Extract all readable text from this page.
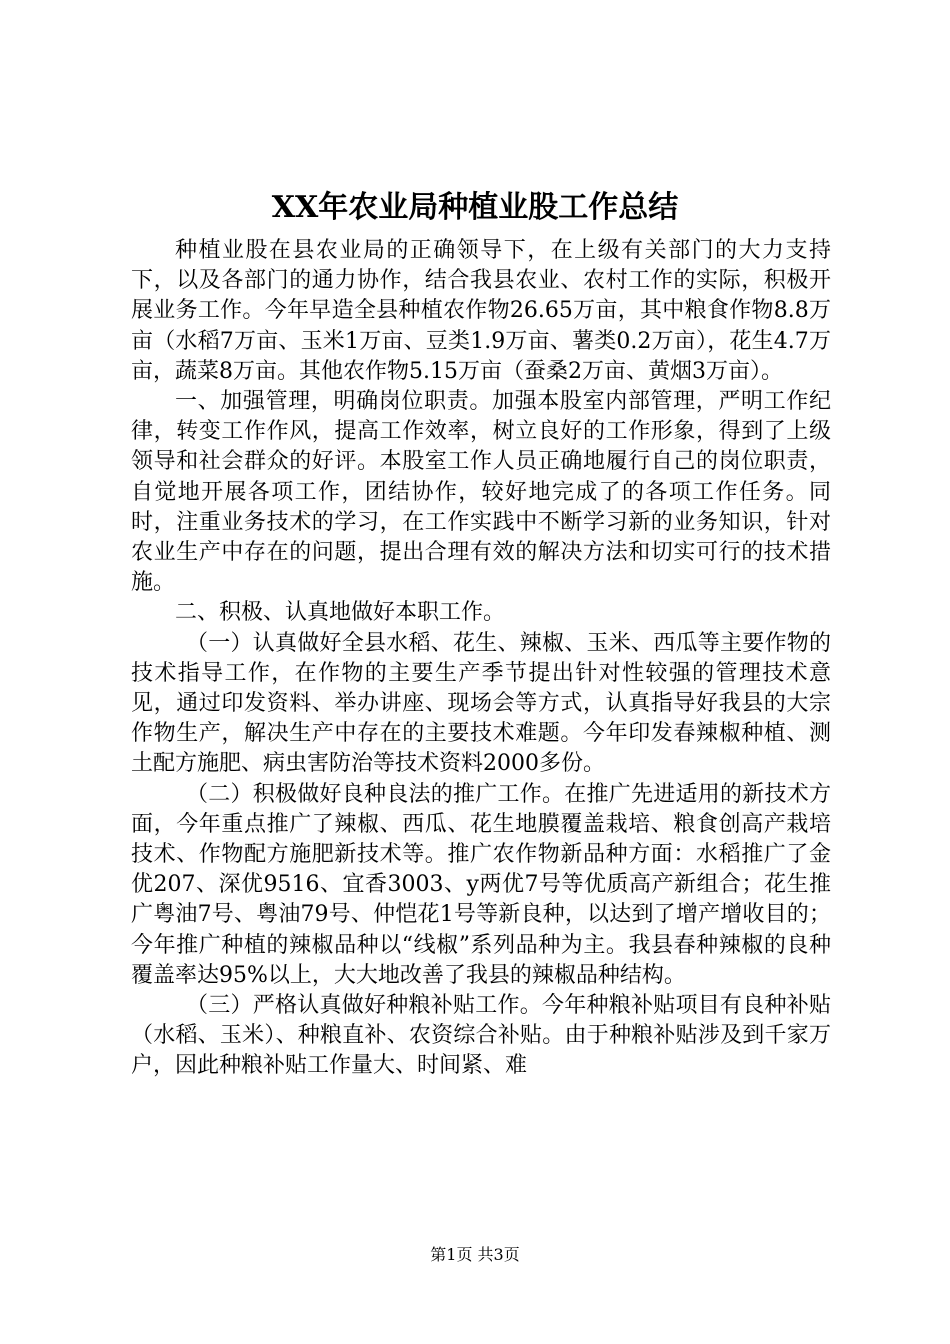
XX年农业局种植业股工作总结

种植业股在县农业局的正确领导下，在上级有关部门的大力支持下，以及各部门的通力协作，结合我县农业、农村工作的实际，积极开展业务工作。今年早造全县种植农作物26.65万亩，其中粮食作物8.8万亩（水稻7万亩、玉米1万亩、豆类1.9万亩、薯类0.2万亩），花生4.7万亩，蔬菜8万亩。其他农作物5.15万亩（蚕桑2万亩、黄烟3万亩）。

一、加强管理，明确岗位职责。加强本股室内部管理，严明工作纪律，转变工作作风，提高工作效率，树立良好的工作形象，得到了上级领导和社会群众的好评。本股室工作人员正确地履行自己的岗位职责，自觉地开展各项工作，团结协作，较好地完成了的各项工作任务。同时，注重业务技术的学习，在工作实践中不断学习新的业务知识，针对农业生产中存在的问题，提出合理有效的解决方法和切实可行的技术措施。

二、积极、认真地做好本职工作。

（一）认真做好全县水稻、花生、辣椒、玉米、西瓜等主要作物的技术指导工作，在作物的主要生产季节提出针对性较强的管理技术意见，通过印发资料、举办讲座、现场会等方式，认真指导好我县的大宗作物生产，解决生产中存在的主要技术难题。今年印发春辣椒种植、测土配方施肥、病虫害防治等技术资料2000多份。

（二）积极做好良种良法的推广工作。在推广先进适用的新技术方面，今年重点推广了辣椒、西瓜、花生地膜覆盖栽培、粮食创高产栽培技术、作物配方施肥新技术等。推广农作物新品种方面：水稻推广了金优207、深优9516、宜香3003、y两优7号等优质高产新组合；花生推广粤油7号、粤油79号、仲恺花1号等新良种，以达到了增产增收目的；今年推广种植的辣椒品种以“线椒”系列品种为主。我县春种辣椒的良种覆盖率达95%以上，大大地改善了我县的辣椒品种结构。

（三）严格认真做好种粮补贴工作。今年种粮补贴项目有良种补贴（水稻、玉米）、种粮直补、农资综合补贴。由于种粮补贴涉及到千家万户，因此种粮补贴工作量大、时间紧、难

第1页 共3页
